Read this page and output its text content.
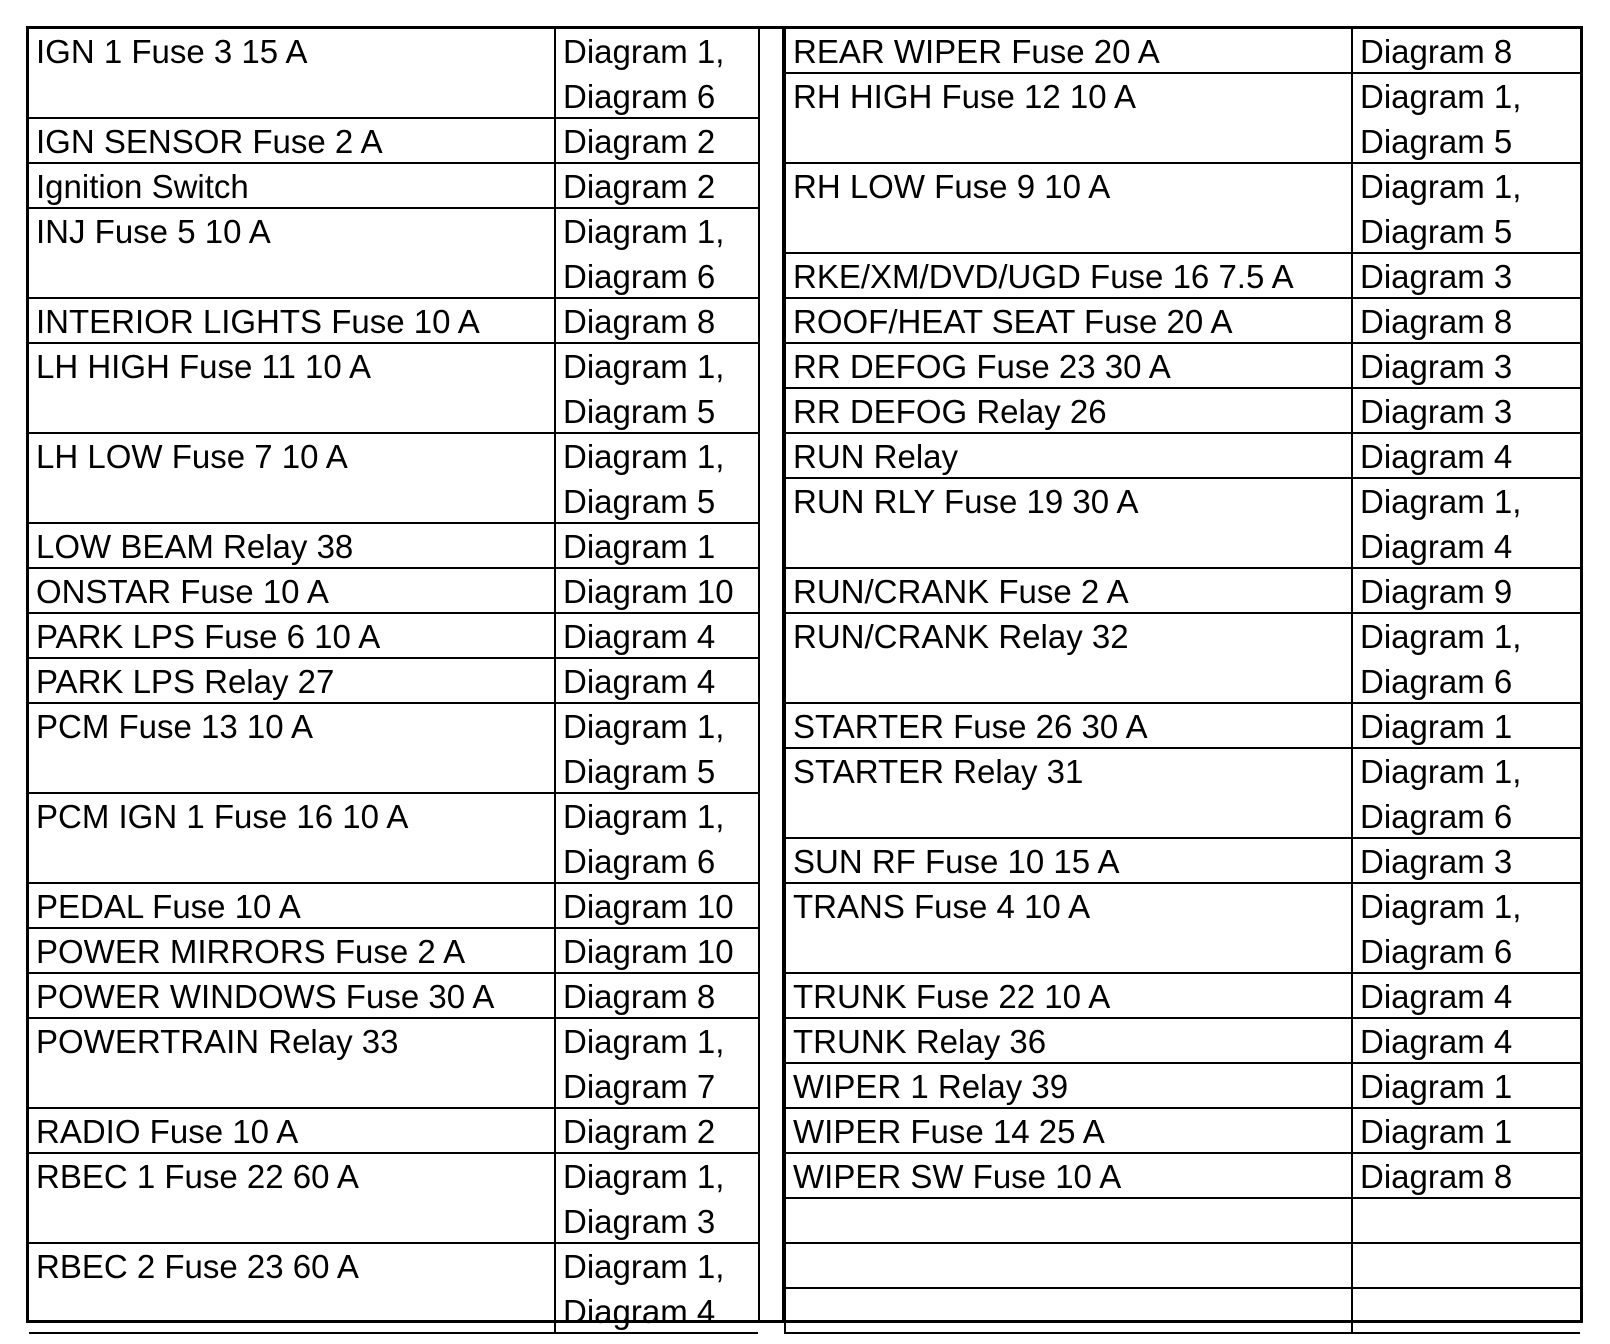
IGN 1 Fuse 3 15 A	Diagram 1,
Diagram 6
IGN SENSOR Fuse 2 A	Diagram 2
Ignition Switch	Diagram 2
INJ Fuse 5 10 A	Diagram 1,
Diagram 6
INTERIOR LIGHTS Fuse 10 A	Diagram 8
LH HIGH Fuse 11 10 A	Diagram 1,
Diagram 5
LH LOW Fuse 7 10 A	Diagram 1,
Diagram 5
LOW BEAM Relay 38	Diagram 1
ONSTAR Fuse 10 A	Diagram 10
PARK LPS Fuse 6 10 A	Diagram 4
PARK LPS Relay 27	Diagram 4
PCM Fuse 13 10 A	Diagram 1,
Diagram 5
PCM IGN 1 Fuse 16 10 A	Diagram 1,
Diagram 6
PEDAL Fuse 10 A	Diagram 10
POWER MIRRORS Fuse 2 A	Diagram 10
POWER WINDOWS Fuse 30 A	Diagram 8
POWERTRAIN Relay 33	Diagram 1,
Diagram 7
RADIO Fuse 10 A	Diagram 2
RBEC 1 Fuse 22 60 A	Diagram 1,
Diagram 3
RBEC 2 Fuse 23 60 A	Diagram 1,
Diagram 4
REAR WIPER Fuse 20 A	Diagram 8
RH HIGH Fuse 12 10 A	Diagram 1,
Diagram 5
RH LOW Fuse 9 10 A	Diagram 1,
Diagram 5
RKE/XM/DVD/UGD Fuse 16 7.5 A	Diagram 3
ROOF/HEAT SEAT Fuse 20 A	Diagram 8
RR DEFOG Fuse 23 30 A	Diagram 3
RR DEFOG Relay 26	Diagram 3
RUN Relay	Diagram 4
RUN RLY Fuse 19 30 A	Diagram 1,
Diagram 4
RUN/CRANK Fuse 2 A	Diagram 9
RUN/CRANK Relay 32	Diagram 1,
Diagram 6
STARTER Fuse 26 30 A	Diagram 1
STARTER Relay 31	Diagram 1,
Diagram 6
SUN RF Fuse 10 15 A	Diagram 3
TRANS Fuse 4 10 A	Diagram 1,
Diagram 6
TRUNK Fuse 22 10 A	Diagram 4
TRUNK Relay 36	Diagram 4
WIPER 1 Relay 39	Diagram 1
WIPER Fuse 14 25 A	Diagram 1
WIPER SW Fuse 10 A	Diagram 8
